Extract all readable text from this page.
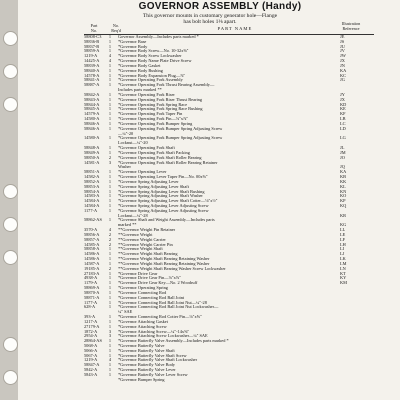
GOVERNOR ASSEMBLY (Handy)
This governor mounts in customary generator hole—Flange
has bolt holes 1⅛ apart.
Part
No.
No.
Req'd	PART NAME
Illustration
Reference
58808-C3	1	Governor Assembly—Includes parts marked *	JE
58836-B	1	*Governor Base	JS
58837-B	1	*Governor Body	JU
58859-A	1	*Governor Body Screw—No. 10-32x⅝"	JV
1219-A	4	*Governor Body Screw Lockwasher	JW
14425-A	4	*Governor Body Name Plate Drive Screw	JX
58839-A	1	*Governor Body Gasket	JN
58840-A	1	*Governor Body Bushing	KA
14578-A	1	*Governor Body Expansion Plug—⅞"	KC
58841-A	1	*Governor Operating Fork Assembly	JG
58887-A	1	*Governor Operating Fork Thrust Bearing Assembly—
Includes parts marked **
58842-A	1	*Governor Operating Fork Riser	JY
58843-A	1	*Governor Operating Fork Riser Thrust Bearing	JX
58844-A	1	*Governor Operating Fork Spring Race	KD
58845-A	1	*Governor Operating Fork Spring Race Bushing	KE
14579-A	1	*Governor Operating Fork Taper Pin	KF
14580-A	1	*Governor Operating Fork Pin—⅛"x⅞"	LB
58846-A	1	*Governor Operating Fork Bumper Spring	LC
58846-A	1	*Governor Operating Fork Bumper Spring Adjusting Screw	LD
—¼"-20
14580-A	1	*Governor Operating Fork Bumper Spring Adjusting Screw	LG
Locknut—¼"-20
58848-A	1	*Governor Operating Fork Shaft	JL
58849-A	1	*Governor Operating Fork Shaft Packing	JM
58850-A	2	*Governor Operating Fork Shaft Roller Bearing	JO
14581-A	3	*Governor Operating Fork Shaft Roller Bearing Retainer
Washer	JQ
58851-A	1	*Governor Operating Lever	KA
14582-A	1	*Governor Operating Lever Taper Pin—No. 00x⅝"	KB
58852-A	1	*Governor Spring Adjusting Lever	KK
58853-A	1	*Governor Spring Adjusting Lever Shaft	KL
58854-A	1	*Governor Spring Adjusting Lever Shaft Bushing	KN
14583-A	1	*Governor Spring Adjusting Lever Shaft Washer	KO
14584-A	1	*Governor Spring Adjusting Lever Shaft Cotter—⅛"x½"	KP
14584-A	1	*Governor Spring Adjusting Lever Adjusting Screw	KQ
1177-A	1	*Governor Spring Adjusting Lever Adjusting Screw
Locknut—¼"-28	KR
58862-AS	1	*Governor Shaft and Weight Assembly—Includes parts
marked **	KG
3570-A	4	**Governor Weight Pin Retainer	LL
58856-A	2	**Governor Weight	LE
58857-A	2	**Governor Weight Carrier	LF
14585-A	2	**Governor Weight Carrier Pin	LH
58858-A	1	**Governor Weight Shaft	LI
14586-A	1	**Governor Weight Shaft Bearing	LJ
14586-A	1	**Governor Weight Shaft Bearing Retaining Washer	LK
14587-A	1	**Governor Weight Shaft Bearing Retaining Washer	LM
19185-A	2	**Governor Weight Shaft Bearing Washer Screw Lockwasher	LN
27183-A	1	*Governor Drive Gear	KT
4938-A	1	*Governor Drive Gear Pin—⅛"x⅞"	KY
1179-A	1	*Governor Drive Gear Key—No. 2 Woodruff	KM
58869-A	1	*Governor Operating Spring
58870-A	1	*Governor Connecting Rod
58871-A	1	*Governor Connecting Rod Ball Joint
1177-A	1	*Governor Connecting Rod Ball Joint Nut—¼"-28
628-A	1	*Governor Connecting Rod Ball Joint Nut Lockwasher—
¼" SAE
393-A	1	*Governor Connecting Rod Cotter Pin—⅛"x⅝"
1217-A	1	*Governor Attaching Gasket
27179-A	1	*Governor Attaching Screw
1872-A	3	*Governor Attaching Screw—¼"-14x⅝"
2954-A	3	*Governor Attaching Screw Lockwasher—¼" SAE
28864-AS	1	*Governor Butterfly Valve Assembly—Includes parts marked *
5068-A	1	*Governor Butterfly Valve
5066-A	1	*Governor Butterfly Valve Shaft
5067-A	1	*Governor Butterfly Valve Shaft Screw
1219-A	4	*Governor Butterfly Valve Shaft Lockwasher
58847-A	1	*Governor Butterfly Valve Body
5842-A	1	*Governor Butterfly Valve Lever
5843-A	1	*Governor Butterfly Valve Lever Screw
*Governor Bumper Spring
